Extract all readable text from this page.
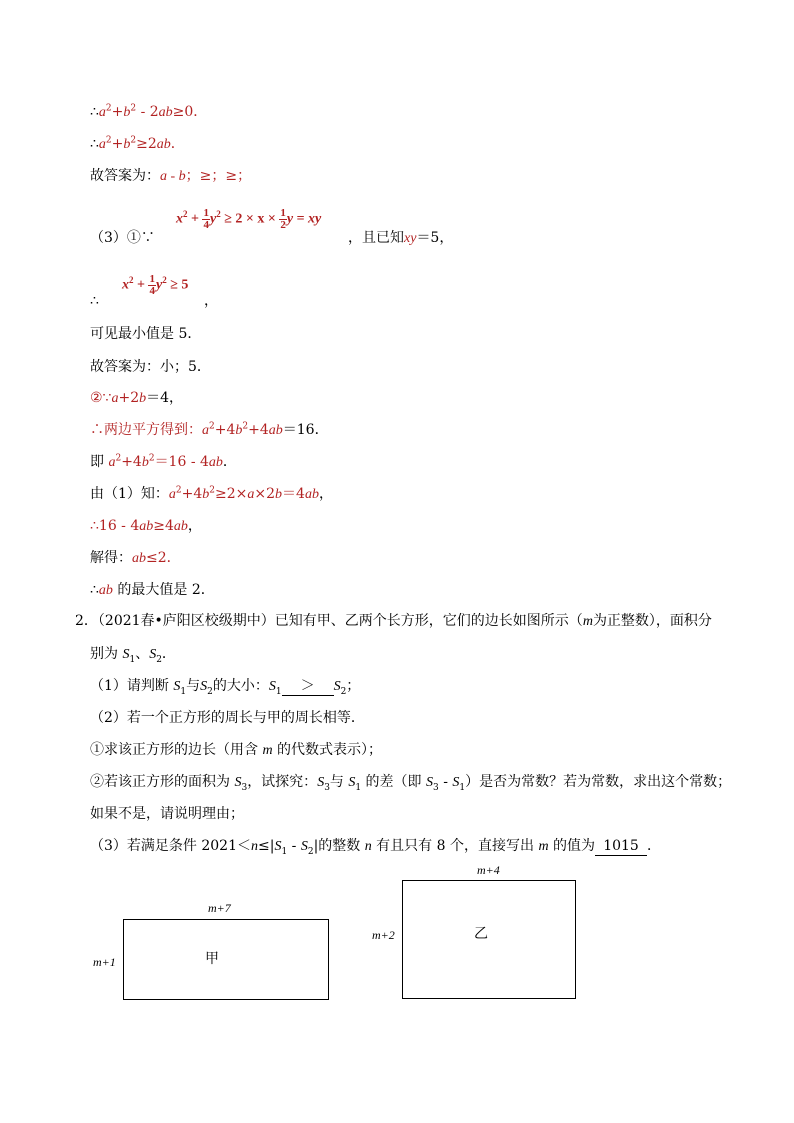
$\therefore a^2+b^2 - 2ab\ge 0$．
$\therefore a^2+b^2\ge 2ab$．
故答案为：a - b；≥；≥；
（3）①∵
$x^2 + \frac{1}{4} y^2 \ge 2 \times x \times \frac{1}{2}$ y = xy
，且已知xy＝5，
∴
$x^2 + \frac{1}{4} y^2 \ge 5$
，
可见最小值是 5．
故答案为：小；5．
②∵a+2b＝4，
∴两边平方得到：$a^2+4b^2+4ab=16$．
即 $a^2+4b^2=16 - 4ab$．
由（1）知：$a^2+4b^2\ge 2\times a\times 2b=4ab$，
∴16 - 4ab≥4ab，
解得：ab≤2．
∴ab 的最大值是 2．
2．（2021春•庐阳区校级期中）已知有甲、乙两个长方形，它们的边长如图所示（m为正整数），面积分
别为 $S_1$、$S_2$．
（1）请判断 $S_1$与$S_2$的大小：$S_1 > S_2$；
（2）若一个正方形的周长与甲的周长相等．
①求该正方形的边长（用含 m 的代数式表示）；
②若该正方形的面积为 $S_3$，试探究：$S_3$与 $S_1$ 的差（即 $S_3 - S_1$）是否为常数？若为常数，求出这个常数；
如果不是，请说明理由；
（3）若满足条件 $2021<n\le|S_1 - S_2|$的整数 n 有且只有 8 个，直接写出 m 的值为 1015 ．
m+7
m+1	甲
m+4
m+2	乙
